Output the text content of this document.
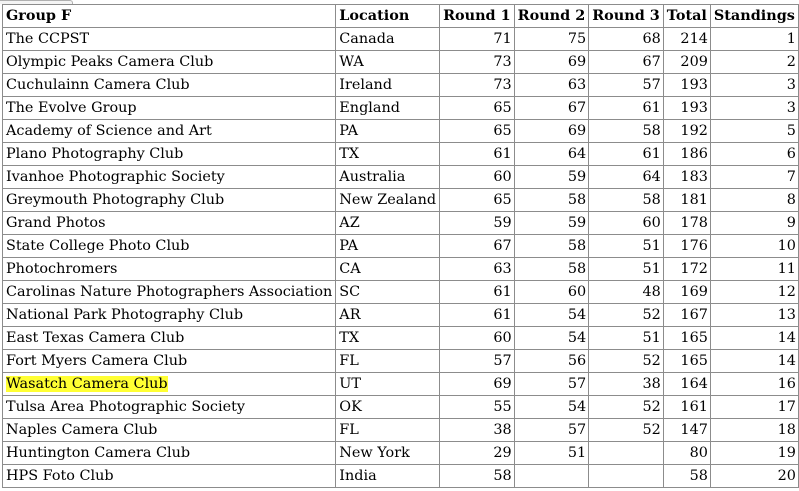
Group F	Location	Round 1	Round 2	Round 3	Total	Standings
The CCPST	Canada	71	75	68	214	1
Olympic Peaks Camera Club	WA	73	69	67	209	2
Cuchulainn Camera Club	Ireland	73	63	57	193	3
The Evolve Group	England	65	67	61	193	3
Academy of Science and Art	PA	65	69	58	192	5
Plano Photography Club	TX	61	64	61	186	6
Ivanhoe Photographic Society	Australia	60	59	64	183	7
Greymouth Photography Club	New Zealand	65	58	58	181	8
Grand Photos	AZ	59	59	60	178	9
State College Photo Club	PA	67	58	51	176	10
Photochromers	CA	63	58	51	172	11
Carolinas Nature Photographers Association	SC	61	60	48	169	12
National Park Photography Club	AR	61	54	52	167	13
East Texas Camera Club	TX	60	54	51	165	14
Fort Myers Camera Club	FL	57	56	52	165	14
Wasatch Camera Club	UT	69	57	38	164	16
Tulsa Area Photographic Society	OK	55	54	52	161	17
Naples Camera Club	FL	38	57	52	147	18
Huntington Camera Club	New York	29	51		80	19
HPS Foto Club	India	58			58	20
